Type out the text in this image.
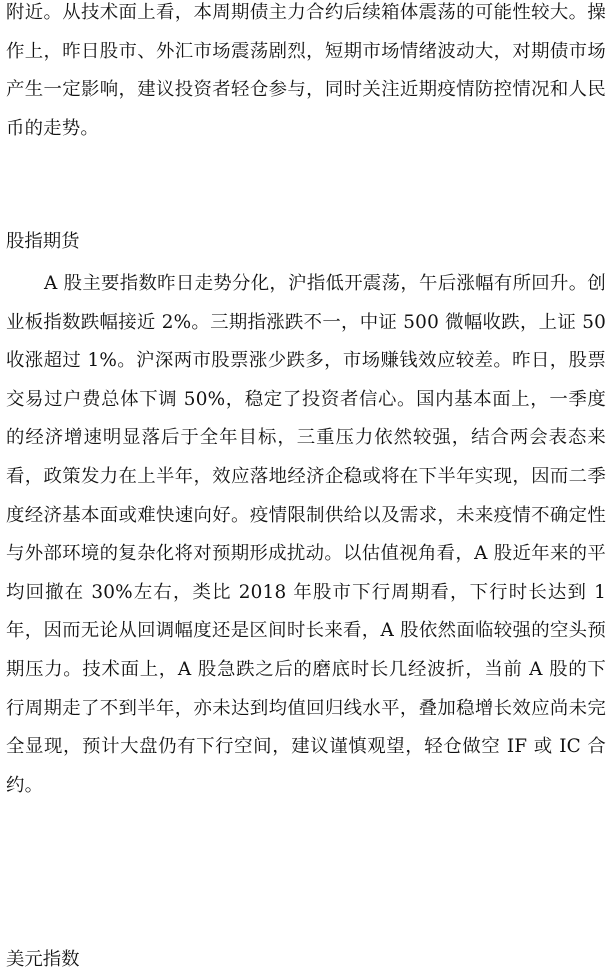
附近。从技术面上看，本周期债主力合约后续箱体震荡的可能性较大。操作上，昨日股市、外汇市场震荡剧烈，短期市场情绪波动大，对期债市场产生一定影响，建议投资者轻仓参与，同时关注近期疫情防控情况和人民币的走势。

股指期货

A 股主要指数昨日走势分化，沪指低开震荡，午后涨幅有所回升。创业板指数跌幅接近 2%。三期指涨跌不一，中证 500 微幅收跌，上证 50 收涨超过 1%。沪深两市股票涨少跌多，市场赚钱效应较差。昨日，股票交易过户费总体下调 50%，稳定了投资者信心。国内基本面上，一季度的经济增速明显落后于全年目标，三重压力依然较强，结合两会表态来看，政策发力在上半年，效应落地经济企稳或将在下半年实现，因而二季度经济基本面或难快速向好。疫情限制供给以及需求，未来疫情不确定性与外部环境的复杂化将对预期形成扰动。以估值视角看，A 股近年来的平均回撤在 30%左右，类比 2018 年股市下行周期看，下行时长达到 1 年，因而无论从回调幅度还是区间时长来看，A 股依然面临较强的空头预期压力。技术面上，A 股急跌之后的磨底时长几经波折，当前 A 股的下行周期走了不到半年，亦未达到均值回归线水平，叠加稳增长效应尚未完全显现，预计大盘仍有下行空间，建议谨慎观望，轻仓做空 IF 或 IC 合约。

美元指数
